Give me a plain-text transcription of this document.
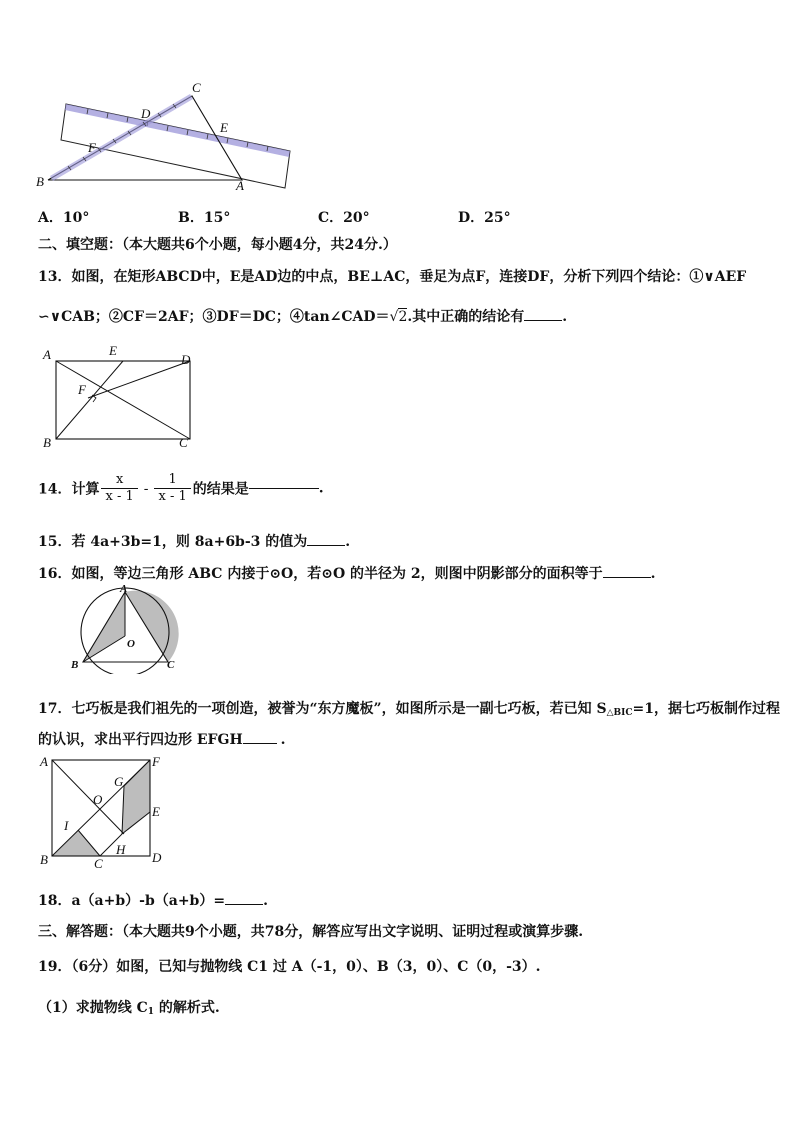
C
D
E
F
B	A
A．10°	B．15°	C．20°	D．25°
二、填空题：（本大题共6个小题，每小题4分，共24分.）
13．如图，在矩形ABCD中，E是AD边的中点，BE⊥AC，垂足为点F，连接DF，分析下列四个结论：①∨AEF
∽∨CAB；②CF＝2AF；③DF＝DC；④tan∠CAD＝√2.其中正确的结论有	.
A	E
D
F
B	C
14．计算 $\frac{x}{x - 1} - \frac{1}{x - 1}$ 的结果是	.
15．若 4a+3b=1，则 8a+6b-3 的值为	.
16．如图，等边三角形 ABC 内接于⊙O，若⊙O 的半径为 2，则图中阴影部分的面积等于	.
A
O
B	C
17．七巧板是我们祖先的一项创造，被誉为“东方魔板”，如图所示是一副七巧板，若已知 $S_{\triangle BIC}=1$，据七巧板制作过程
的认识，求出平行四边形 EFGH	.
A	F
G
O
E
I
H
B	C	D
18．a（a+b）-b（a+b）=	.
三、解答题：（本大题共9个小题，共78分，解答应写出文字说明、证明过程或演算步骤.
19．（6分）如图，已知与抛物线 C1 过 A（-1，0）、B（3，0）、C（0，-3）.
（1）求抛物线 $C_1$ 的解析式.
